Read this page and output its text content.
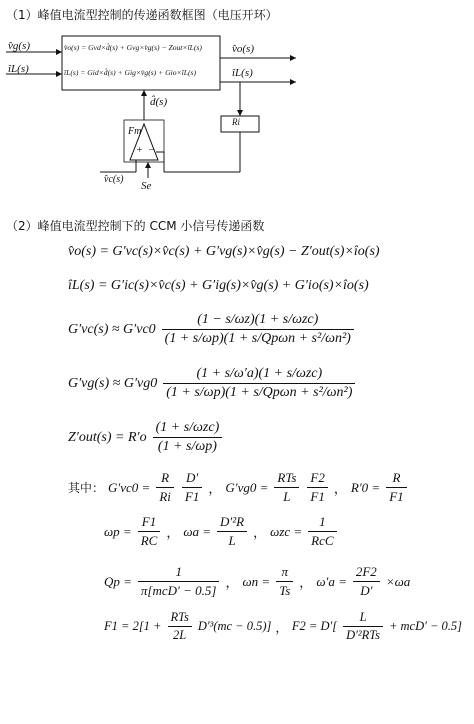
（1）峰值电流型控制的传递函数框图（电压开环）
v̂g(s)
îL(s)
v̂o(s) = Gvd×d̂(s) + Gvg×v̂g(s) − Zout×îL(s)
îL(s) = Gid×d̂(s) + Gig×v̂g(s) + Gio×îL(s)
v̂o(s)
îL(s)
d̂(s)
Fm
+ −
Ri
v̂c(s)
Se
（2）峰值电流型控制下的 CCM 小信号传递函数
v̂o(s) = G′vc(s)×v̂c(s) + G′vg(s)×v̂g(s) − Z′out(s)×îo(s)
îL(s) = G′ic(s)×v̂c(s) + G′ig(s)×v̂g(s) + G′io(s)×îo(s)
$G'vc(s) \approx G'vc0 \frac{\text{(1 − s/ωz)(1 + s/ωzc)}}{\text{(1 + s/ωp)(1 + s/Qpωn + s²/ωn²)}}$
$G'vg(s) \approx G'vg0 \frac{\text{(1 + s/ω′a)(1 + s/ωzc)}}{\text{(1 + s/ωp)(1 + s/Qpωn + s²/ωn²)}}$
$Z'out(s) = R'o \frac{\text{(1 + s/ωzc)}}{(1 + s/\omega p)}$
其中： $G'vc0 = \frac{R}{Ri} \frac{D'}{F1}$ ， $G'vg0 = \frac{\text{RTs}}{L} \frac{F2}{F1}$ ， $R'0 = \frac{R}{F1}$
$\omega p = \frac{F1}{RC}$ ， $\omega a = \frac{\text{D′²R}}{L}$ ， $\omega zc = \frac{1}{\text{RcC}}$
$Qp = \frac{1}{\text{π[mcD′ − 0.5]}}$ ， $\omega n = \frac{\pi}{Ts}$ ， $\omega'a = \frac{2F2}{D'} \times\omega a$
$F1 = 2[1 + \frac{\text{RTs}}{2L} D'^3(mc - 0.5)]$ ， $F2 = D'[ \frac{L}{\text{D′²RTs}} + mcD' - 0.5]$
